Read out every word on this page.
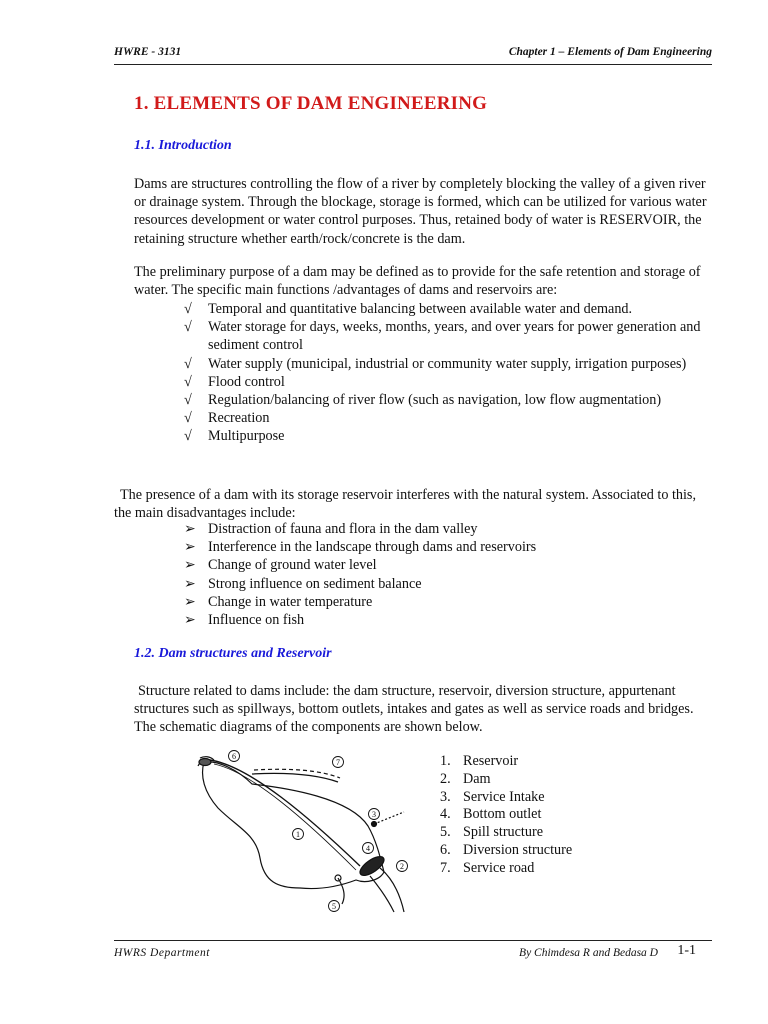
HWRE - 3131	Chapter 1 – Elements of Dam Engineering
1. ELEMENTS OF DAM ENGINEERING
1.1. Introduction

Dams are structures controlling the flow of a river by completely blocking the valley of a given river or drainage system. Through the blockage, storage is formed, which can be utilized for various water resources development or water control purposes. Thus, retained body of water is RESERVOIR, the retaining structure whether earth/rock/concrete is the dam.

The preliminary purpose of a dam may be defined as to provide for the safe retention and storage of water. The specific main functions /advantages of dams and reservoirs are:

√	Temporal and quantitative balancing between available water and demand.
√	Water storage for days, weeks, months, years, and over years for power generation and sediment control
√	Water supply (municipal, industrial or community water supply, irrigation purposes)
√	Flood control
√	Regulation/balancing of river flow (such as navigation, low flow augmentation)
√	Recreation
√	Multipurpose

The presence of a dam with its storage reservoir interferes with the natural system. Associated to this, the main disadvantages include:

➢ Distraction of fauna and flora in the dam valley
➢ Interference in the landscape through dams and reservoirs
➢ Change of ground water level
➢ Strong influence on sediment balance
➢ Change in water temperature
➢ Influence on fish
1.2. Dam structures and Reservoir

Structure related to dams include: the dam structure, reservoir, diversion structure, appurtenant structures such as spillways, bottom outlets, intakes and gates as well as service roads and bridges. The schematic diagrams of the components are shown below.

6
7
1
3
4
2
5
1. Reservoir
2. Dam
3. Service Intake
4. Bottom outlet
5. Spill structure
6. Diversion structure
7. Service road
HWRS Department	By Chimdesa R and Bedasa D 1-1
